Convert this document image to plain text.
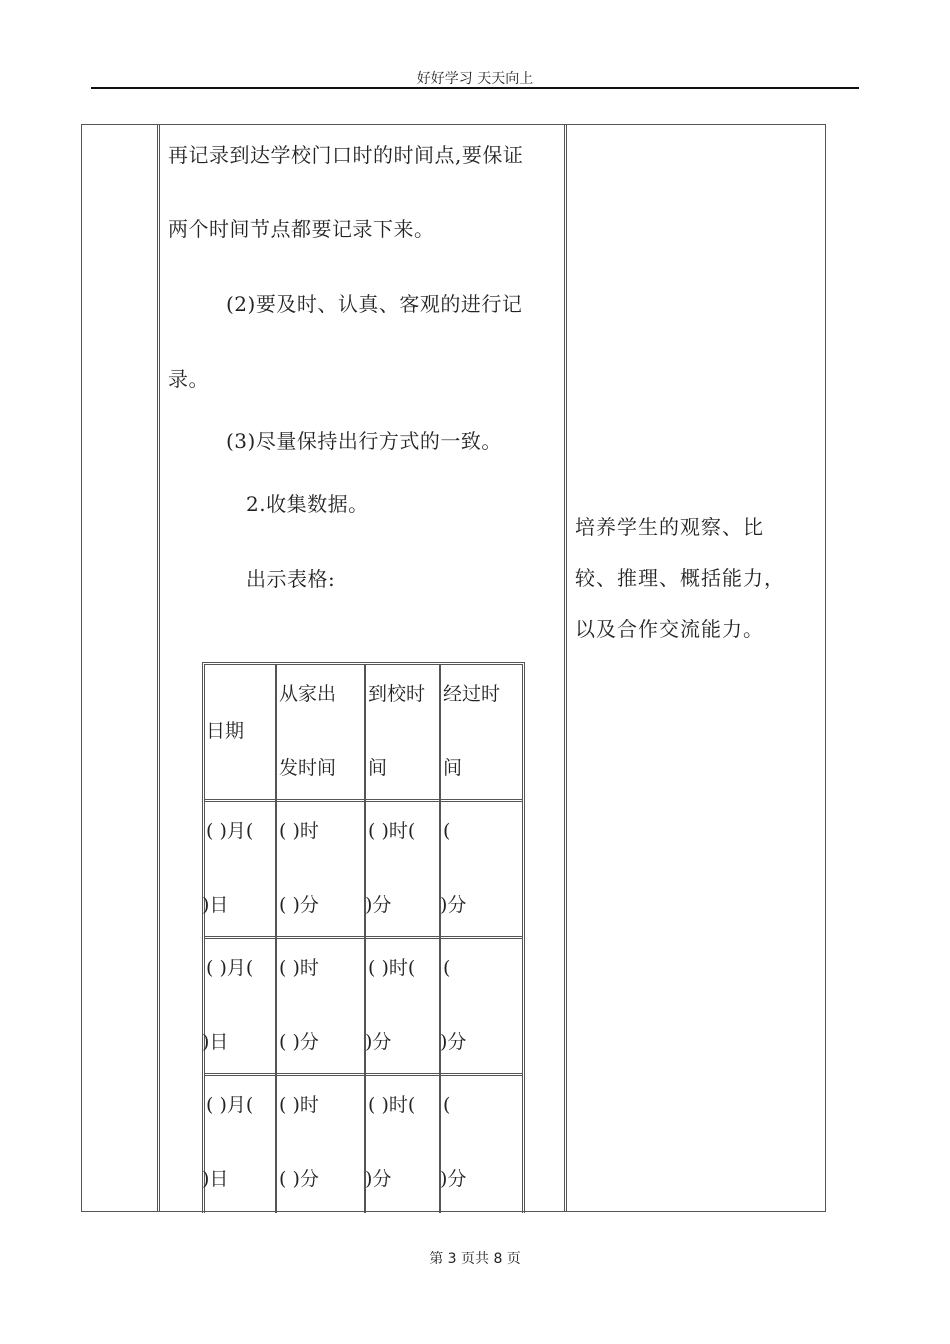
好好学习 天天向上
再记录到达学校门口时的时间点,要保证
两个时间节点都要记录下来。
(2)要及时、认真、客观的进行记
录。
(3)尽量保持出行方式的一致。
2.收集数据。
出示表格:
日期
从家出
发时间
到校时
间
经过时
间
( )月(
)日
( )时
( )分
( )时(
)分
(
)分
( )月(
)日
( )时
( )分
( )时(
)分
(
)分
( )月(
)日
( )时
( )分
( )时(
)分
(
)分
培养学生的观察、比
较、推理、概括能力，
以及合作交流能力。
第 3 页共 8 页
